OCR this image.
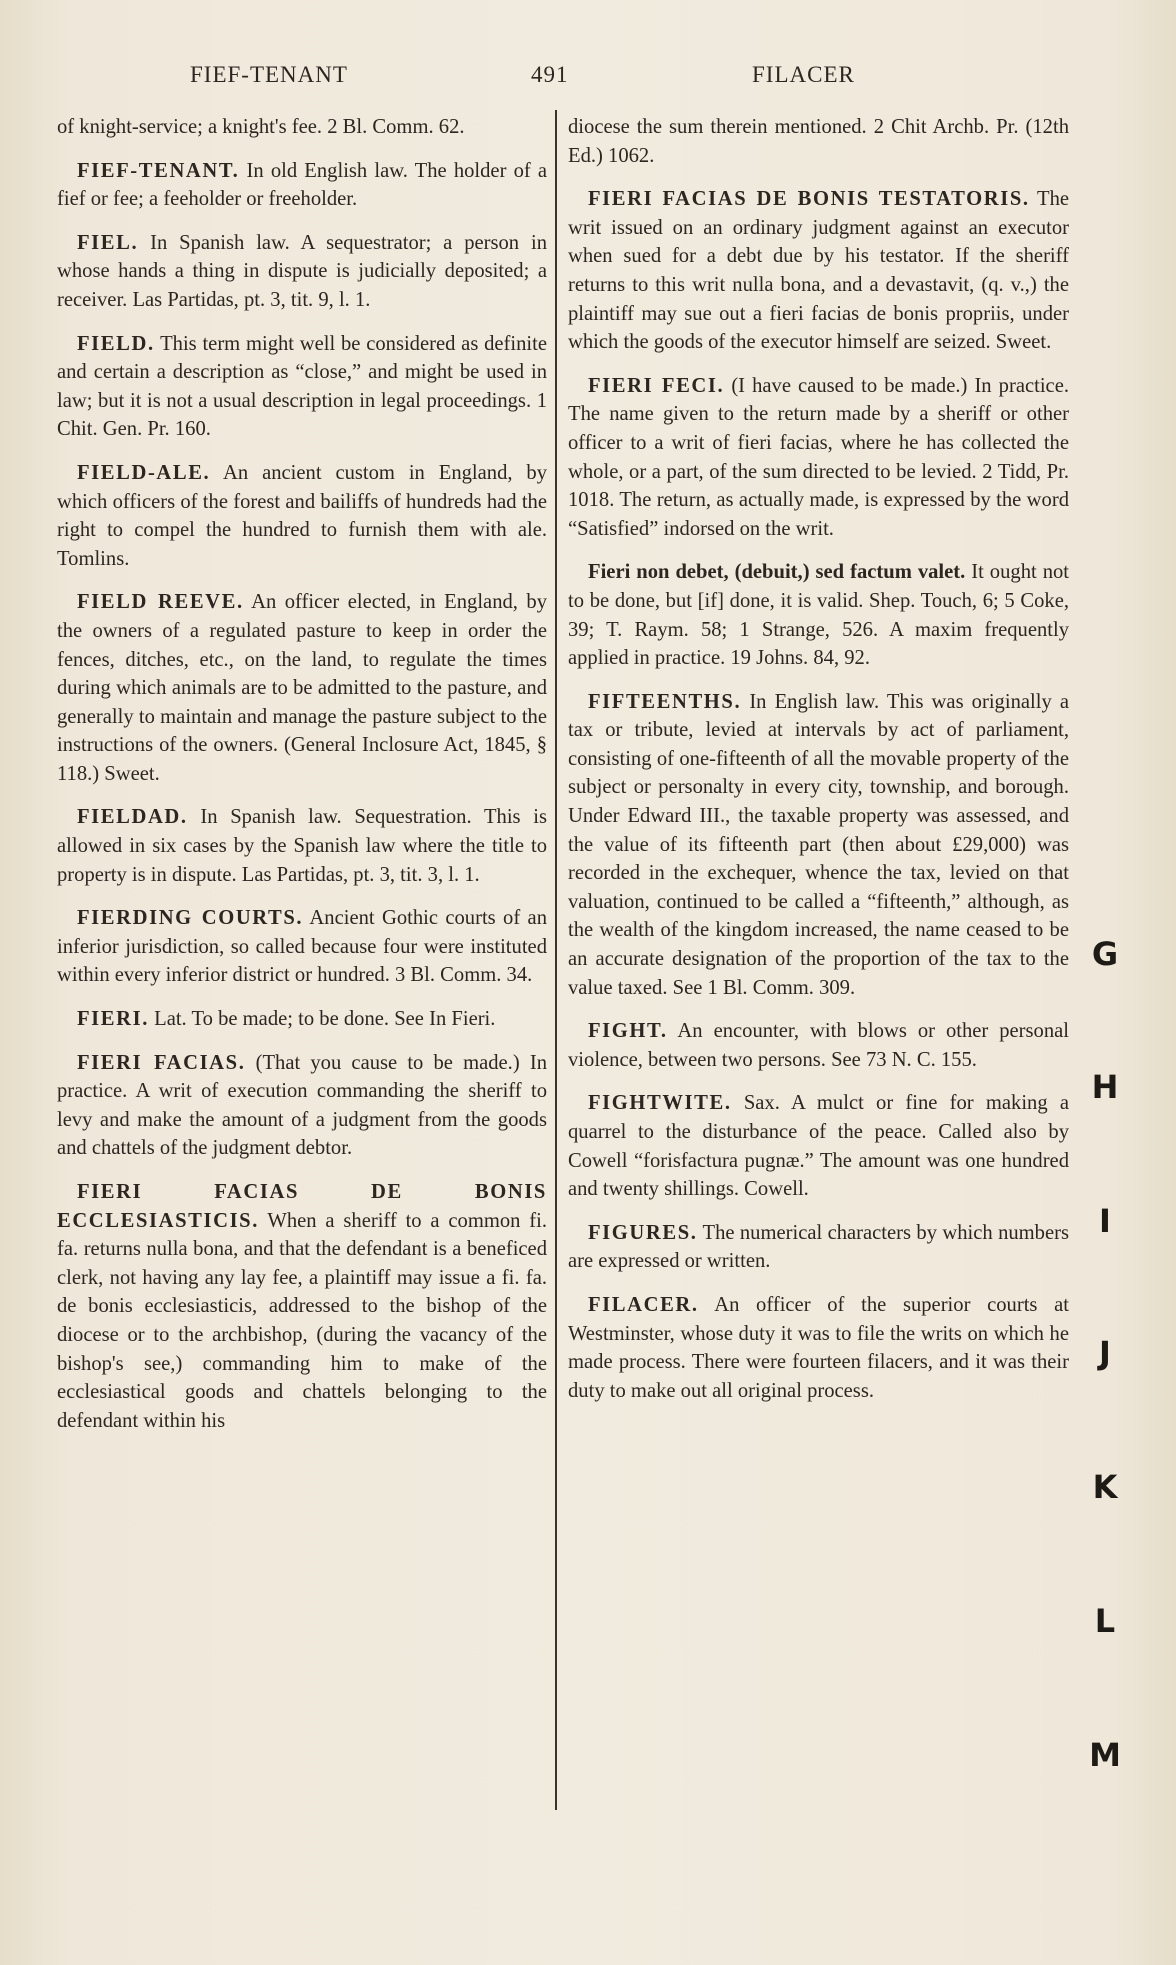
FIEF-TENANT	491	FILACER

of knight-service; a knight's fee. 2 Bl. Comm. 62.

FIEF-TENANT. In old English law. The holder of a fief or fee; a feeholder or freeholder.

FIEL. In Spanish law. A sequestrator; a person in whose hands a thing in dispute is judicially deposited; a receiver. Las Partidas, pt. 3, tit. 9, l. 1.

FIELD. This term might well be considered as definite and certain a description as “close,” and might be used in law; but it is not a usual description in legal proceedings. 1 Chit. Gen. Pr. 160.

FIELD-ALE. An ancient custom in England, by which officers of the forest and bailiffs of hundreds had the right to compel the hundred to furnish them with ale. Tomlins.

FIELD REEVE. An officer elected, in England, by the owners of a regulated pasture to keep in order the fences, ditches, etc., on the land, to regulate the times during which animals are to be admitted to the pasture, and generally to maintain and manage the pasture subject to the instructions of the owners. (General Inclosure Act, 1845, § 118.) Sweet.

FIELDAD. In Spanish law. Sequestration. This is allowed in six cases by the Spanish law where the title to property is in dispute. Las Partidas, pt. 3, tit. 3, l. 1.

FIERDING COURTS. Ancient Gothic courts of an inferior jurisdiction, so called because four were instituted within every inferior district or hundred. 3 Bl. Comm. 34.

FIERI. Lat. To be made; to be done. See In Fieri.

FIERI FACIAS. (That you cause to be made.) In practice. A writ of execution commanding the sheriff to levy and make the amount of a judgment from the goods and chattels of the judgment debtor.

FIERI FACIAS DE BONIS ECCLESIASTICIS. When a sheriff to a common fi. fa. returns nulla bona, and that the defendant is a beneficed clerk, not having any lay fee, a plaintiff may issue a fi. fa. de bonis ecclesiasticis, addressed to the bishop of the diocese or to the archbishop, (during the vacancy of the bishop's see,) commanding him to make of the ecclesiastical goods and chattels belonging to the defendant within his

diocese the sum therein mentioned. 2 Chit Archb. Pr. (12th Ed.) 1062.

FIERI FACIAS DE BONIS TESTATORIS. The writ issued on an ordinary judgment against an executor when sued for a debt due by his testator. If the sheriff returns to this writ nulla bona, and a devastavit, (q. v.,) the plaintiff may sue out a fieri facias de bonis propriis, under which the goods of the executor himself are seized. Sweet.

FIERI FECI. (I have caused to be made.) In practice. The name given to the return made by a sheriff or other officer to a writ of fieri facias, where he has collected the whole, or a part, of the sum directed to be levied. 2 Tidd, Pr. 1018. The return, as actually made, is expressed by the word “Satisfied” indorsed on the writ.

Fieri non debet, (debuit,) sed factum valet. It ought not to be done, but [if] done, it is valid. Shep. Touch, 6; 5 Coke, 39; T. Raym. 58; 1 Strange, 526. A maxim frequently applied in practice. 19 Johns. 84, 92.

FIFTEENTHS. In English law. This was originally a tax or tribute, levied at intervals by act of parliament, consisting of one-fifteenth of all the movable property of the subject or personalty in every city, township, and borough. Under Edward III., the taxable property was assessed, and the value of its fifteenth part (then about £29,000) was recorded in the exchequer, whence the tax, levied on that valuation, continued to be called a “fifteenth,” although, as the wealth of the kingdom increased, the name ceased to be an accurate designation of the proportion of the tax to the value taxed. See 1 Bl. Comm. 309.

FIGHT. An encounter, with blows or other personal violence, between two persons. See 73 N. C. 155.

FIGHTWITE. Sax. A mulct or fine for making a quarrel to the disturbance of the peace. Called also by Cowell “forisfactura pugnæ.” The amount was one hundred and twenty shillings. Cowell.

FIGURES. The numerical characters by which numbers are expressed or written.

FILACER. An officer of the superior courts at Westminster, whose duty it was to file the writs on which he made process. There were fourteen filacers, and it was their duty to make out all original process.

G
H
I
J
K
L
M
